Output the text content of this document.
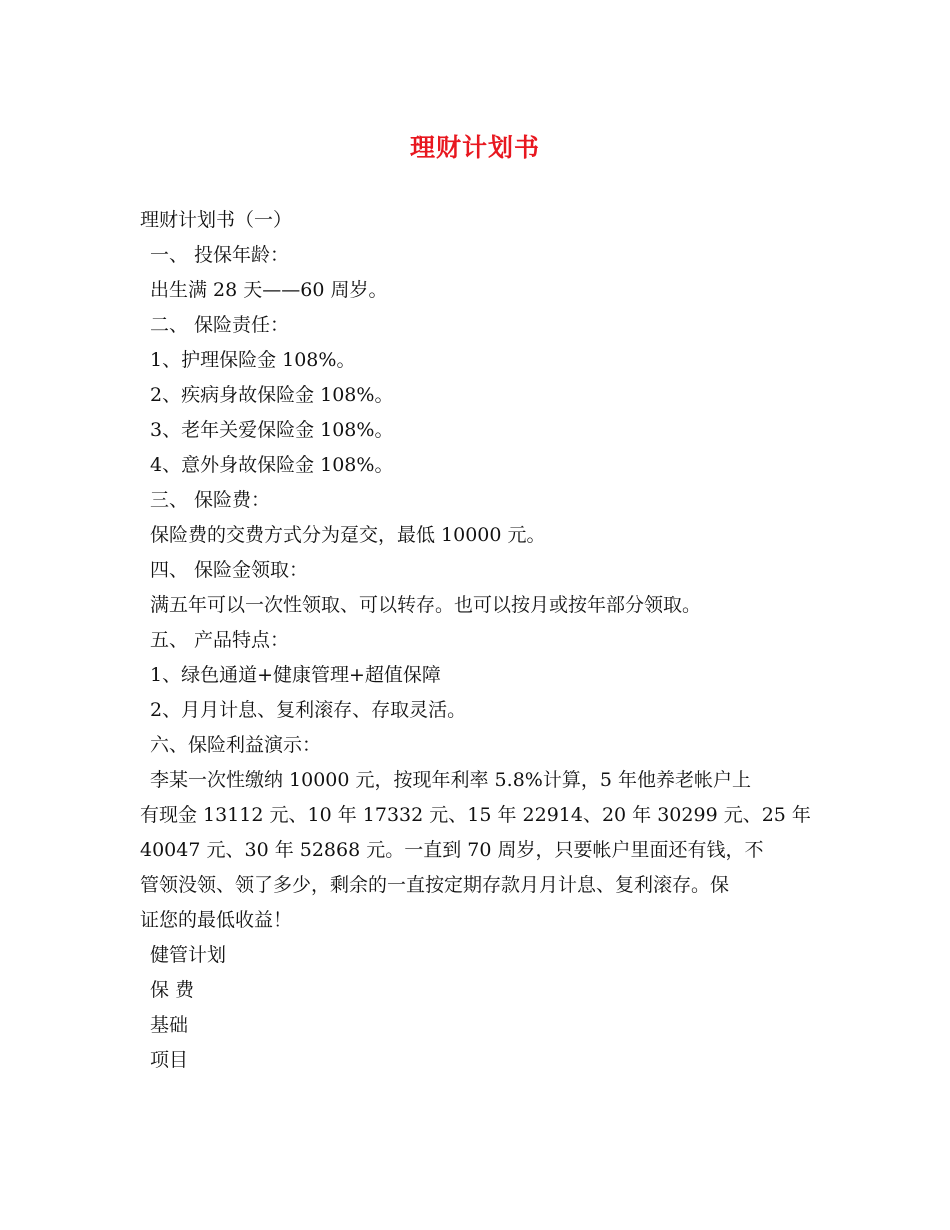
理财计划书
理财计划书（一）
一、 投保年龄：
出生满 28 天——60 周岁。
二、 保险责任：
1、护理保险金 108%。
2、疾病身故保险金 108%。
3、老年关爱保险金 108%。
4、意外身故保险金 108%。
三、 保险费：
保险费的交费方式分为趸交，最低 10000 元。
四、 保险金领取：
满五年可以一次性领取、可以转存。也可以按月或按年部分领取。
五、 产品特点：
1、绿色通道+健康管理+超值保障
2、月月计息、复利滚存、存取灵活。
六、保险利益演示：
李某一次性缴纳 10000 元，按现年利率 5.8%计算，5 年他养老帐户上
有现金 13112 元、10 年 17332 元、15 年 22914、20 年 30299 元、25 年
40047 元、30 年 52868 元。一直到 70 周岁，只要帐户里面还有钱，不
管领没领、领了多少，剩余的一直按定期存款月月计息、复利滚存。保
证您的最低收益！
健管计划
保 费
基础
项目
